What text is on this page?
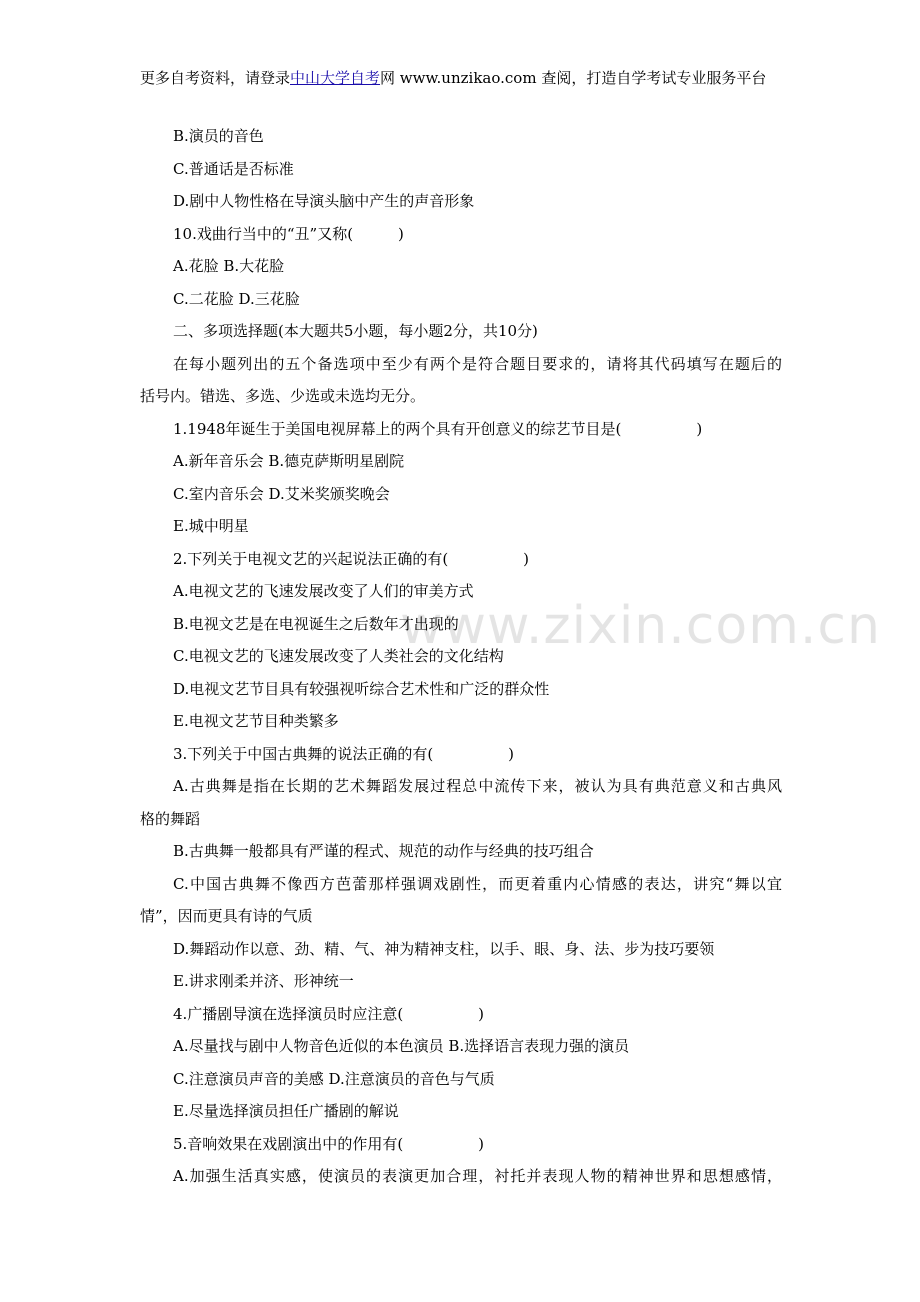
更多自考资料，请登录中山大学自考网 www.unzikao.com 查阅，打造自学考试专业服务平台
B.演员的音色
C.普通话是否标准
D.剧中人物性格在导演头脑中产生的声音形象
10.戏曲行当中的“丑”又称(　　　)
A.花脸 B.大花脸
C.二花脸 D.三花脸
二、多项选择题(本大题共5小题，每小题2分，共10分)
在每小题列出的五个备选项中至少有两个是符合题目要求的，请将其代码填写在题后的
括号内。错选、多选、少选或未选均无分。
1.1948年诞生于美国电视屏幕上的两个具有开创意义的综艺节目是(　　　　　)
A.新年音乐会 B.德克萨斯明星剧院
C.室内音乐会 D.艾米奖颁奖晚会
E.城中明星
2.下列关于电视文艺的兴起说法正确的有(　　　　　)
A.电视文艺的飞速发展改变了人们的审美方式
B.电视文艺是在电视诞生之后数年才出现的
C.电视文艺的飞速发展改变了人类社会的文化结构
D.电视文艺节目具有较强视听综合艺术性和广泛的群众性
E.电视文艺节目种类繁多
3.下列关于中国古典舞的说法正确的有(　　　　　)
A.古典舞是指在长期的艺术舞蹈发展过程总中流传下来，被认为具有典范意义和古典风
格的舞蹈
B.古典舞一般都具有严谨的程式、规范的动作与经典的技巧组合
C.中国古典舞不像西方芭蕾那样强调戏剧性，而更着重内心情感的表达，讲究“舞以宜
情”，因而更具有诗的气质
D.舞蹈动作以意、劲、精、气、神为精神支柱，以手、眼、身、法、步为技巧要领
E.讲求刚柔并济、形神统一
4.广播剧导演在选择演员时应注意(　　　　　)
A.尽量找与剧中人物音色近似的本色演员 B.选择语言表现力强的演员
C.注意演员声音的美感 D.注意演员的音色与气质
E.尽量选择演员担任广播剧的解说
5.音响效果在戏剧演出中的作用有(　　　　　)
A.加强生活真实感，使演员的表演更加合理，衬托并表现人物的精神世界和思想感情，
www.zixin.com.cn
